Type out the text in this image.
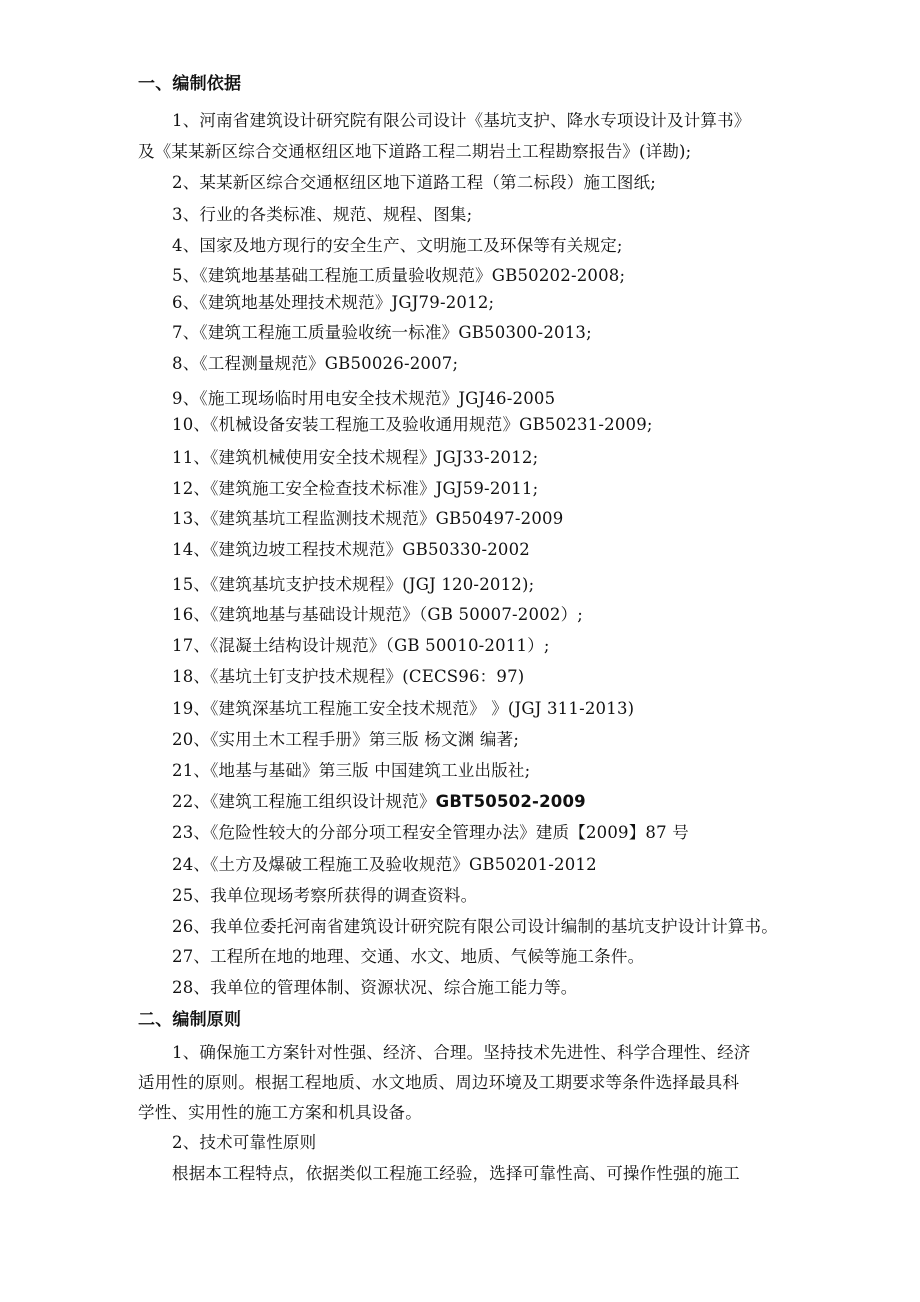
一、编制依据
1、河南省建筑设计研究院有限公司设计《基坑支护、降水专项设计及计算书》
及《某某新区综合交通枢纽区地下道路工程二期岩土工程勘察报告》(详勘);
2、某某新区综合交通枢纽区地下道路工程（第二标段）施工图纸;
3、行业的各类标准、规范、规程、图集;
4、国家及地方现行的安全生产、文明施工及环保等有关规定;
5、《建筑地基基础工程施工质量验收规范》GB50202-2008;
6、《建筑地基处理技术规范》JGJ79-2012;
7、《建筑工程施工质量验收统一标准》GB50300-2013;
8、《工程测量规范》GB50026-2007;
9、《施工现场临时用电安全技术规范》JGJ46-2005
10、《机械设备安装工程施工及验收通用规范》GB50231-2009;
11、《建筑机械使用安全技术规程》JGJ33-2012;
12、《建筑施工安全检查技术标准》JGJ59-2011;
13、《建筑基坑工程监测技术规范》GB50497-2009
14、《建筑边坡工程技术规范》GB50330-2002
15、《建筑基坑支护技术规程》(JGJ 120-2012);
16、《建筑地基与基础设计规范》（GB 50007-2002）;
17、《混凝土结构设计规范》（GB 50010-2011）;
18、《基坑土钉支护技术规程》(CECS96：97)
19、《建筑深基坑工程施工安全技术规范》 》(JGJ 311-2013)
20、《实用土木工程手册》第三版 杨文渊 编著;
21、《地基与基础》第三版 中国建筑工业出版社;
22、《建筑工程施工组织设计规范》GBT50502-2009
23、《危险性较大的分部分项工程安全管理办法》建质【2009】87 号
24、《土方及爆破工程施工及验收规范》GB50201-2012
25、我单位现场考察所获得的调查资料。
26、我单位委托河南省建筑设计研究院有限公司设计编制的基坑支护设计计算书。
27、工程所在地的地理、交通、水文、地质、气候等施工条件。
28、我单位的管理体制、资源状况、综合施工能力等。
二、编制原则
1、确保施工方案针对性强、经济、合理。坚持技术先进性、科学合理性、经济
适用性的原则。根据工程地质、水文地质、周边环境及工期要求等条件选择最具科
学性、实用性的施工方案和机具设备。
2、技术可靠性原则
根据本工程特点，依据类似工程施工经验，选择可靠性高、可操作性强的施工
